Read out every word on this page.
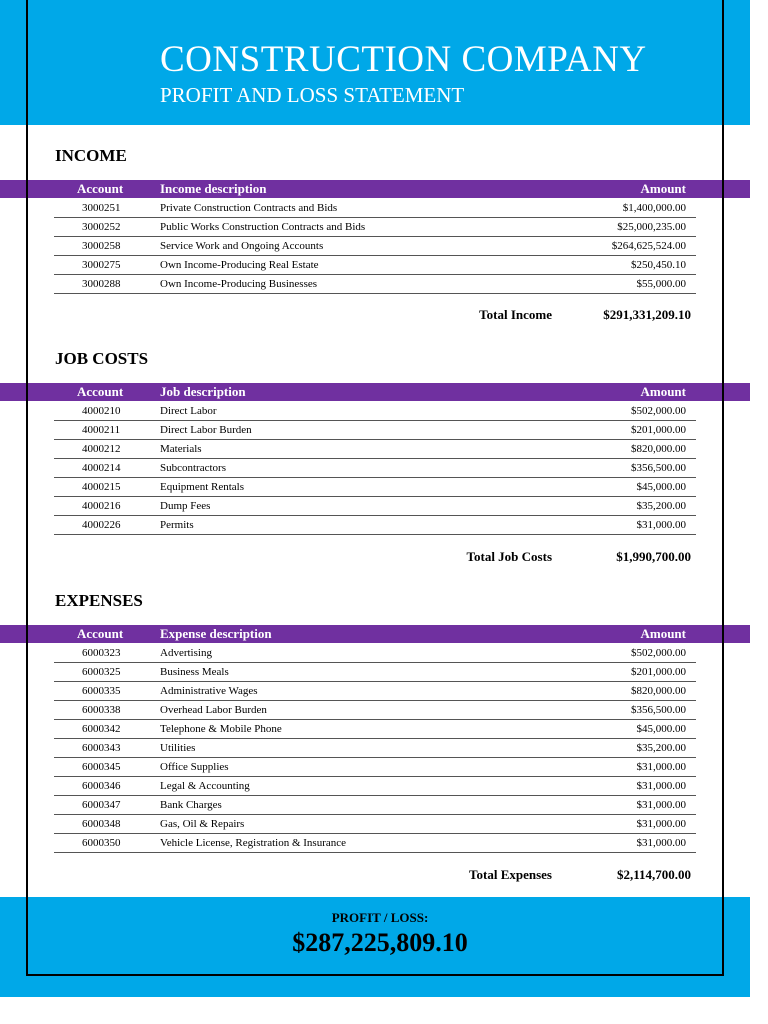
CONSTRUCTION COMPANY
PROFIT AND LOSS STATEMENT
INCOME
Account	Income description	Amount
3000251	Private Construction Contracts and Bids	$1,400,000.00
3000252	Public Works Construction Contracts and Bids	$25,000,235.00
3000258	Service Work and Ongoing Accounts	$264,625,524.00
3000275	Own Income-Producing Real Estate	$250,450.10
3000288	Own Income-Producing Businesses	$55,000.00
Total Income	$291,331,209.10
JOB COSTS
Account	Job description	Amount
4000210	Direct Labor	$502,000.00
4000211	Direct Labor Burden	$201,000.00
4000212	Materials	$820,000.00
4000214	Subcontractors	$356,500.00
4000215	Equipment Rentals	$45,000.00
4000216	Dump Fees	$35,200.00
4000226	Permits	$31,000.00
Total Job Costs	$1,990,700.00
EXPENSES
Account	Expense description	Amount
6000323	Advertising	$502,000.00
6000325	Business Meals	$201,000.00
6000335	Administrative Wages	$820,000.00
6000338	Overhead Labor Burden	$356,500.00
6000342	Telephone & Mobile Phone	$45,000.00
6000343	Utilities	$35,200.00
6000345	Office Supplies	$31,000.00
6000346	Legal & Accounting	$31,000.00
6000347	Bank Charges	$31,000.00
6000348	Gas, Oil & Repairs	$31,000.00
6000350	Vehicle License, Registration & Insurance	$31,000.00
Total Expenses	$2,114,700.00
PROFIT / LOSS:
$287,225,809.10
